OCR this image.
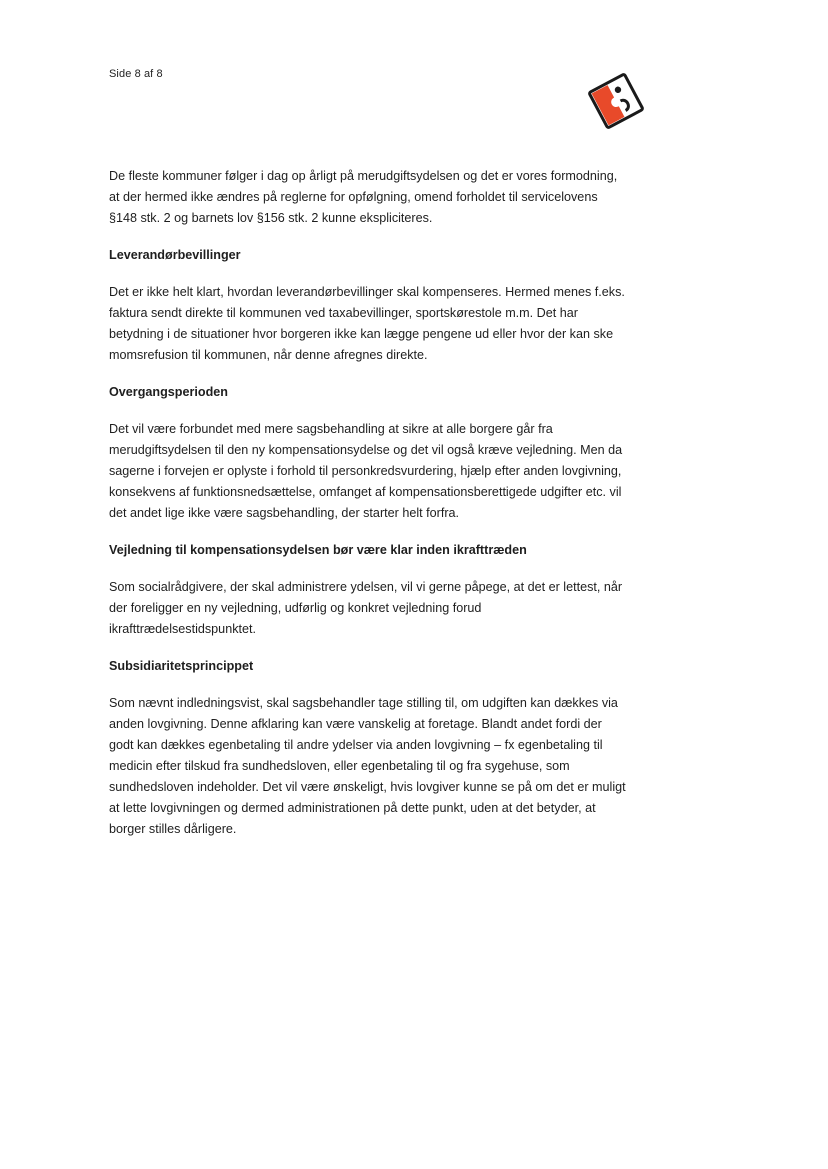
Side 8 af 8

De fleste kommuner følger i dag op årligt på merudgiftsydelsen og det er vores formodning, at der hermed ikke ændres på reglerne for opfølgning, omend forholdet til servicelovens §148 stk. 2 og barnets lov §156 stk. 2 kunne ekspliciteres.

Leverandørbevillinger

Det er ikke helt klart, hvordan leverandørbevillinger skal kompenseres. Hermed menes f.eks. faktura sendt direkte til kommunen ved taxabevillinger, sportskørestole m.m. Det har betydning i de situationer hvor borgeren ikke kan lægge pengene ud eller hvor der kan ske momsrefusion til kommunen, når denne afregnes direkte.

Overgangsperioden

Det vil være forbundet med mere sagsbehandling at sikre at alle borgere går fra merudgiftsydelsen til den ny kompensationsydelse og det vil også kræve vejledning. Men da sagerne i forvejen er oplyste i forhold til personkredsvurdering, hjælp efter anden lovgivning, konsekvens af funktionsnedsættelse, omfanget af kompensationsberettigede udgifter etc. vil det andet lige ikke være sagsbehandling, der starter helt forfra.

Vejledning til kompensationsydelsen bør være klar inden ikrafttræden

Som socialrådgivere, der skal administrere ydelsen, vil vi gerne påpege, at det er lettest, når der foreligger en ny vejledning, udførlig og konkret vejledning forud ikrafttrædelsestidspunktet.

Subsidiaritetsprincippet

Som nævnt indledningsvist, skal sagsbehandler tage stilling til, om udgiften kan dækkes via anden lovgivning. Denne afklaring kan være vanskelig at foretage. Blandt andet fordi der godt kan dækkes egenbetaling til andre ydelser via anden lovgivning – fx egenbetaling til medicin efter tilskud fra sundhedsloven, eller egenbetaling til og fra sygehuse, som sundhedsloven indeholder. Det vil være ønskeligt, hvis lovgiver kunne se på om det er muligt at lette lovgivningen og dermed administrationen på dette punkt, uden at det betyder, at borger stilles dårligere.
